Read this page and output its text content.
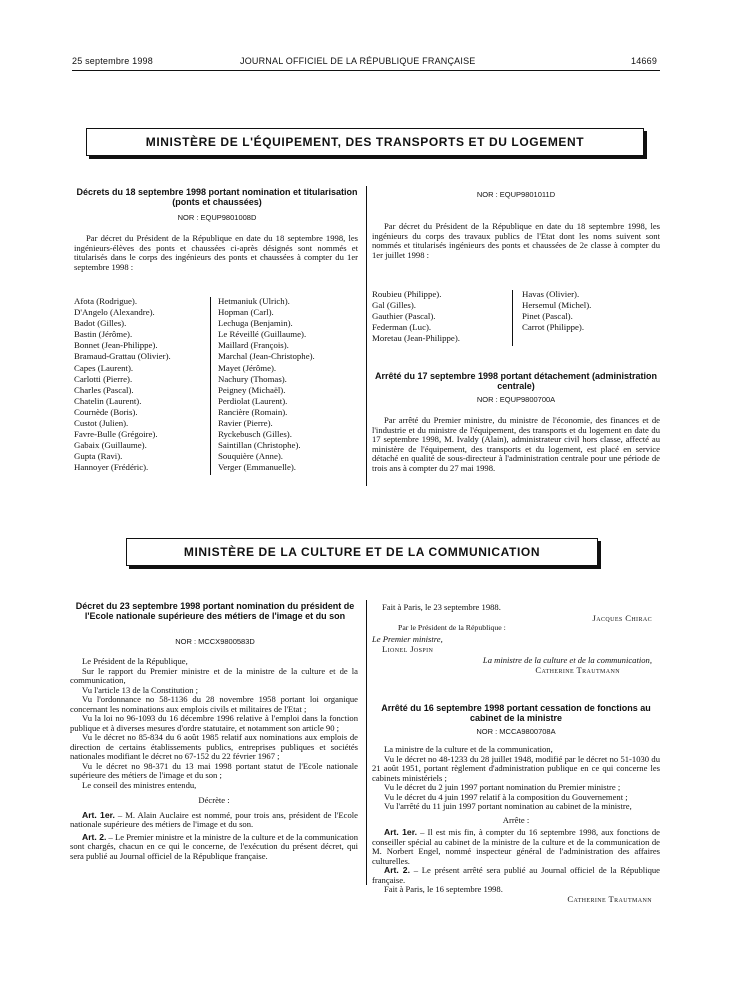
25 septembre 1998	JOURNAL OFFICIEL DE LA RÉPUBLIQUE FRANÇAISE	14669
MINISTÈRE DE L'ÉQUIPEMENT, DES TRANSPORTS ET DU LOGEMENT
Décrets du 18 septembre 1998 portant nomination et titularisation (ponts et chaussées)
NOR : EQUP9801008D

Par décret du Président de la République en date du 18 septembre 1998, les ingénieurs-élèves des ponts et chaussées ci-après désignés sont nommés et titularisés dans le corps des ingénieurs des ponts et chaussées à compter du 1er septembre 1998 :

Afota (Rodrigue).
D'Angelo (Alexandre).
Badot (Gilles).
Bastin (Jérôme).
Bonnet (Jean-Philippe).
Bramaud-Grattau (Olivier).
Capes (Laurent).
Carlotti (Pierre).
Charles (Pascal).
Chatelin (Laurent).
Cournède (Boris).
Custot (Julien).
Favre-Bulle (Grégoire).
Gabaix (Guillaume).
Gupta (Ravi).
Hannoyer (Frédéric).
Hetmaniuk (Ulrich).
Hopman (Carl).
Lechuga (Benjamin).
Le Réveillé (Guillaume).
Maillard (François).
Marchal (Jean-Christophe).
Mayet (Jérôme).
Nachury (Thomas).
Peigney (Michaël).
Perdiolat (Laurent).
Rancière (Romain).
Ravier (Pierre).
Ryckebusch (Gilles).
Saintillan (Christophe).
Souquière (Anne).
Verger (Emmanuelle).
NOR : EQUP9801011D

Par décret du Président de la République en date du 18 septembre 1998, les ingénieurs du corps des travaux publics de l'Etat dont les noms suivent sont nommés et titularisés ingénieurs des ponts et chaussées de 2e classe à compter du 1er juillet 1998 :

Roubieu (Philippe).
Gal (Gilles).
Gauthier (Pascal).
Federman (Luc).
Moretau (Jean-Philippe).
Havas (Olivier).
Hersemul (Michel).
Pinet (Pascal).
Carrot (Philippe).
Arrêté du 17 septembre 1998 portant détachement (administration centrale)
NOR : EQUP9800700A

Par arrêté du Premier ministre, du ministre de l'économie, des finances et de l'industrie et du ministre de l'équipement, des transports et du logement en date du 17 septembre 1998, M. Ivaldy (Alain), administrateur civil hors classe, affecté au ministère de l'équipement, des transports et du logement, est placé en service détaché en qualité de sous-directeur à l'administration centrale pour une période de trois ans à compter du 27 mai 1998.

MINISTÈRE DE LA CULTURE ET DE LA COMMUNICATION
Décret du 23 septembre 1998 portant nomination du président de l'Ecole nationale supérieure des métiers de l'image et du son
NOR : MCCX9800583D

Le Président de la République,

Sur le rapport du Premier ministre et de la ministre de la culture et de la communication,

Vu l'article 13 de la Constitution ;

Vu l'ordonnance no 58-1136 du 28 novembre 1958 portant loi organique concernant les nominations aux emplois civils et militaires de l'Etat ;

Vu la loi no 96-1093 du 16 décembre 1996 relative à l'emploi dans la fonction publique et à diverses mesures d'ordre statutaire, et notamment son article 90 ;

Vu le décret no 85-834 du 6 août 1985 relatif aux nominations aux emplois de direction de certains établissements publics, entreprises publiques et sociétés nationales modifiant le décret no 67-152 du 22 février 1967 ;

Vu le décret no 98-371 du 13 mai 1998 portant statut de l'Ecole nationale supérieure des métiers de l'image et du son ;

Le conseil des ministres entendu,

Décrète :

Art. 1er. – M. Alain Auclaire est nommé, pour trois ans, président de l'Ecole nationale supérieure des métiers de l'image et du son.

Art. 2. – Le Premier ministre et la ministre de la culture et de la communication sont chargés, chacun en ce qui le concerne, de l'exécution du présent décret, qui sera publié au Journal officiel de la République française.

Fait à Paris, le 23 septembre 1988.
Jacques Chirac
Par le Président de la République :
Le Premier ministre,
Lionel Jospin
La ministre de la culture et de la communication,
Catherine Trautmann
Arrêté du 16 septembre 1998 portant cessation de fonctions au cabinet de la ministre
NOR : MCCA9800708A

La ministre de la culture et de la communication,

Vu le décret no 48-1233 du 28 juillet 1948, modifié par le décret no 51-1030 du 21 août 1951, portant règlement d'administration publique en ce qui concerne les cabinets ministériels ;

Vu le décret du 2 juin 1997 portant nomination du Premier ministre ;

Vu le décret du 4 juin 1997 relatif à la composition du Gouvernement ;

Vu l'arrêté du 11 juin 1997 portant nomination au cabinet de la ministre,

Arrête :

Art. 1er. – Il est mis fin, à compter du 16 septembre 1998, aux fonctions de conseiller spécial au cabinet de la ministre de la culture et de la communication de M. Norbert Engel, nommé inspecteur général de l'administration des affaires culturelles.

Art. 2. – Le présent arrêté sera publié au Journal officiel de la République française.

Fait à Paris, le 16 septembre 1998.

Catherine Trautmann
